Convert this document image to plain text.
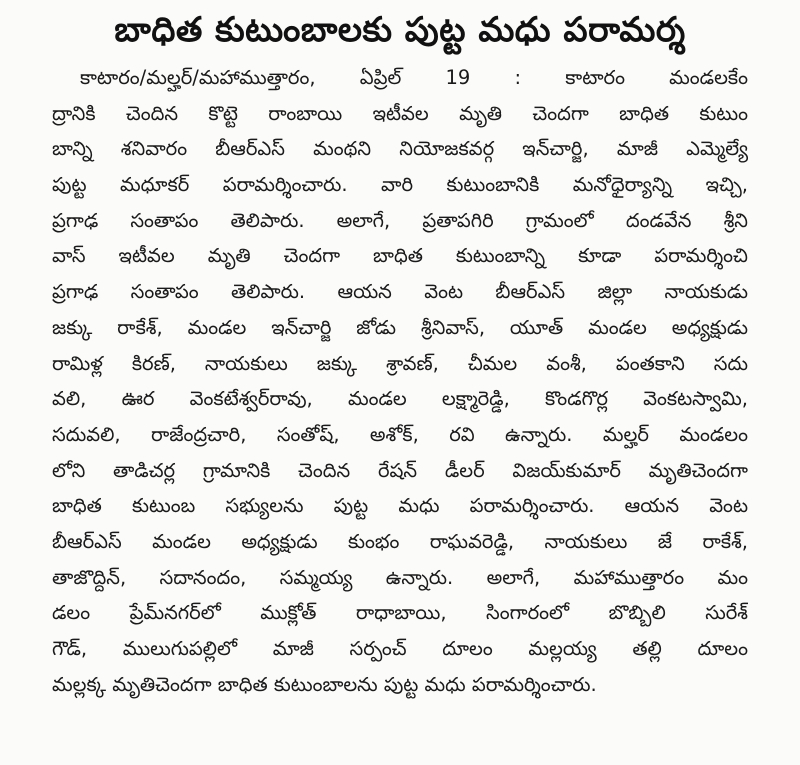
బాధిత కుటుంబాలకు పుట్ట మధు పరామర్శ
కాటారం/మల్హర్/మహాముత్తారం, ఏప్రిల్ 19 : కాటారం మండలకేం
ద్రానికి చెందిన కొట్టె రాంబాయి ఇటీవల మృతి చెందగా బాధిత కుటుం
బాన్ని శనివారం బీఆర్ఎస్ మంథని నియోజకవర్గ ఇన్‌చార్జి, మాజీ ఎమ్మెల్యే
పుట్ట మధూకర్ పరామర్శించారు. వారి కుటుంబానికి మనోధైర్యాన్ని ఇచ్చి,
ప్రగాఢ సంతాపం తెలిపారు. అలాగే, ప్రతాపగిరి గ్రామంలో దండవేన శ్రీని
వాస్ ఇటీవల మృతి చెందగా బాధిత కుటుంబాన్ని కూడా పరామర్శించి
ప్రగాఢ సంతాపం తెలిపారు. ఆయన వెంట బీఆర్ఎస్ జిల్లా నాయకుడు
జక్కు రాకేశ్, మండల ఇన్‌చార్జి జోడు శ్రీనివాస్, యూత్ మండల అధ్యక్షుడు
రామిళ్ల కిరణ్, నాయకులు జక్కు శ్రావణ్, చీమల వంశీ, పంతకాని సదు
వలి, ఊర వెంకటేశ్వర్‌రావు, మండల లక్ష్మారెడ్డి, కొండగొర్ల వెంకటస్వామి,
సదువలి, రాజేంద్రచారి, సంతోష్, అశోక్, రవి ఉన్నారు. మల్హర్ మండలం
లోని తాడిచర్ల గ్రామానికి చెందిన రేషన్ డీలర్ విజయ్‌కుమార్ మృతిచెందగా
బాధిత కుటుంబ సభ్యులను పుట్ట మధు పరామర్శించారు. ఆయన వెంట
బీఆర్ఎస్ మండల అధ్యక్షుడు కుంభం రాఘవరెడ్డి, నాయకులు జే రాకేశ్,
తాజొద్దిన్, సదానందం, సమ్మయ్య ఉన్నారు. అలాగే, మహాముత్తారం మం
డలం ప్రేమ్‌నగర్‌లో ముక్లోత్ రాధాబాయి, సింగారంలో బొబ్బిలి సురేశ్
గౌడ్, ములుగుపల్లిలో మాజీ సర్పంచ్ దూలం మల్లయ్య తల్లి దూలం
మల్లక్క మృతిచెందగా బాధిత కుటుంబాలను పుట్ట మధు పరామర్శించారు.
